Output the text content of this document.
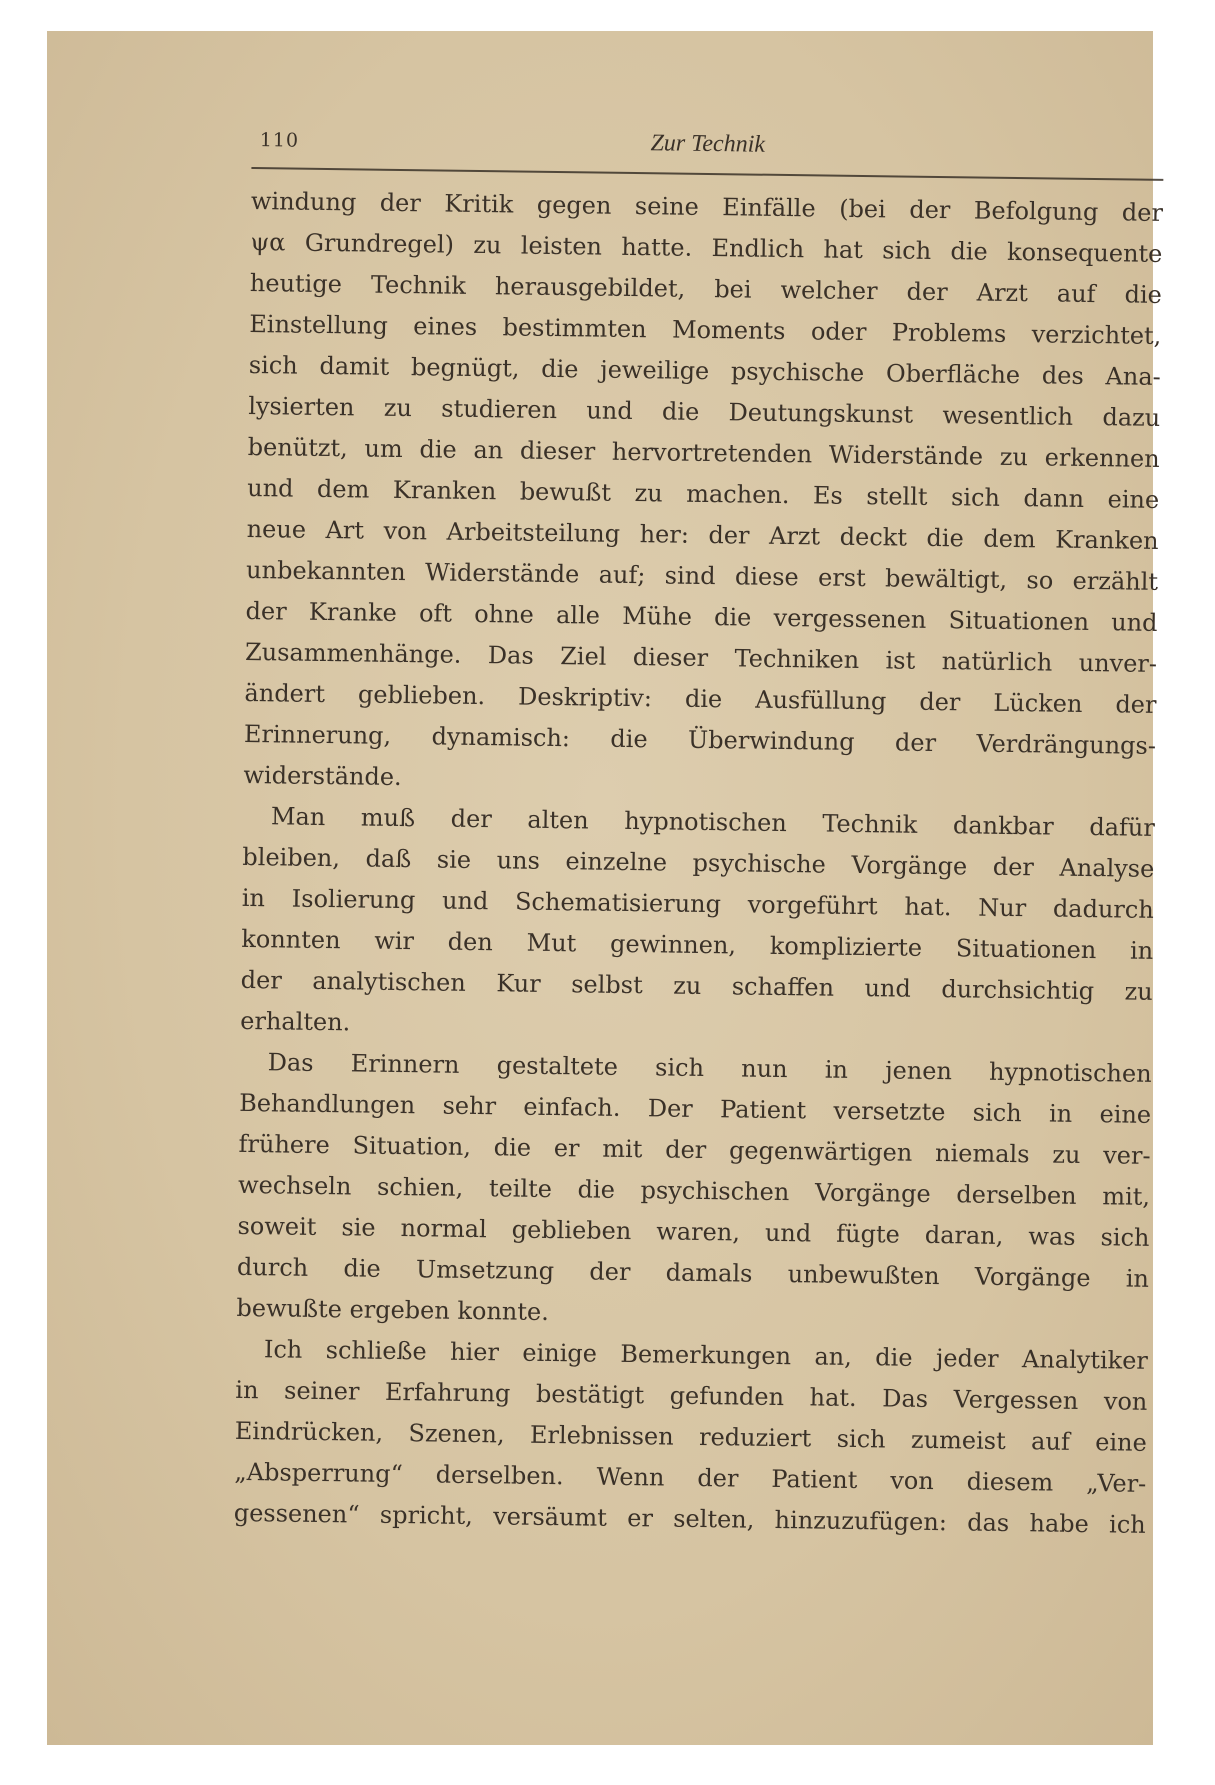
110	Zur Technik
windung der Kritik gegen seine Einfälle (bei der Befolgung der
ψα Grundregel) zu leisten hatte. Endlich hat sich die konsequente
heutige Technik herausgebildet, bei welcher der Arzt auf die
Einstellung eines bestimmten Moments oder Problems verzichtet,
sich damit begnügt, die jeweilige psychische Oberfläche des Ana-
lysierten zu studieren und die Deutungskunst wesentlich dazu
benützt, um die an dieser hervortretenden Widerstände zu erkennen
und dem Kranken bewußt zu machen. Es stellt sich dann eine
neue Art von Arbeitsteilung her: der Arzt deckt die dem Kranken
unbekannten Widerstände auf; sind diese erst bewältigt, so erzählt
der Kranke oft ohne alle Mühe die vergessenen Situationen und
Zusammenhänge. Das Ziel dieser Techniken ist natürlich unver-
ändert geblieben. Deskriptiv: die Ausfüllung der Lücken der
Erinnerung, dynamisch: die Überwindung der Verdrängungs-
widerstände.
Man muß der alten hypnotischen Technik dankbar dafür
bleiben, daß sie uns einzelne psychische Vorgänge der Analyse
in Isolierung und Schematisierung vorgeführt hat. Nur dadurch
konnten wir den Mut gewinnen, komplizierte Situationen in
der analytischen Kur selbst zu schaffen und durchsichtig zu
erhalten.
Das Erinnern gestaltete sich nun in jenen hypnotischen
Behandlungen sehr einfach. Der Patient versetzte sich in eine
frühere Situation, die er mit der gegenwärtigen niemals zu ver-
wechseln schien, teilte die psychischen Vorgänge derselben mit,
soweit sie normal geblieben waren, und fügte daran, was sich
durch die Umsetzung der damals unbewußten Vorgänge in
bewußte ergeben konnte.
Ich schließe hier einige Bemerkungen an, die jeder Analytiker
in seiner Erfahrung bestätigt gefunden hat. Das Vergessen von
Eindrücken, Szenen, Erlebnissen reduziert sich zumeist auf eine
„Absperrung“ derselben. Wenn der Patient von diesem „Ver-
gessenen“ spricht, versäumt er selten, hinzuzufügen: das habe ich
